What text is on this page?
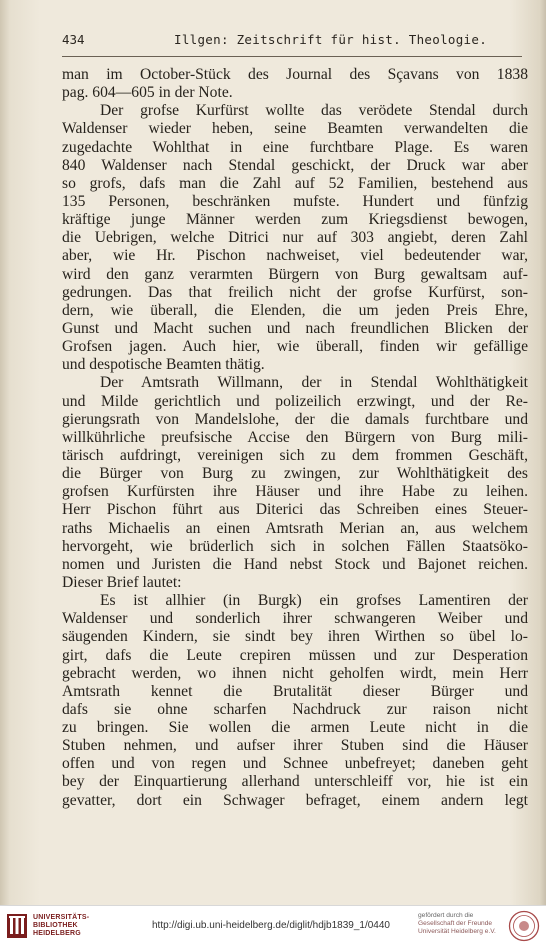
434	Illgen: Zeitschrift für hist. Theologie.
man im October-Stück des Journal des Sçavans von 1838
pag. 604—605 in der Note.
Der grofse Kurfürst wollte das verödete Stendal durch
Waldenser wieder heben, seine Beamten verwandelten die
zugedachte Wohlthat in eine furchtbare Plage. Es waren
840 Waldenser nach Stendal geschickt, der Druck war aber
so grofs, dafs man die Zahl auf 52 Familien, bestehend aus
135 Personen, beschränken mufste. Hundert und fünfzig
kräftige junge Männer werden zum Kriegsdienst bewogen,
die Uebrigen, welche Ditrici nur auf 303 angiebt, deren Zahl
aber, wie Hr. Pischon nachweiset, viel bedeutender war,
wird den ganz verarmten Bürgern von Burg gewaltsam auf-
gedrungen. Das that freilich nicht der grofse Kurfürst, son-
dern, wie überall, die Elenden, die um jeden Preis Ehre,
Gunst und Macht suchen und nach freundlichen Blicken der
Grofsen jagen. Auch hier, wie überall, finden wir gefällige
und despotische Beamten thätig.
Der Amtsrath Willmann, der in Stendal Wohlthätigkeit
und Milde gerichtlich und polizeilich erzwingt, und der Re-
gierungsrath von Mandelslohe, der die damals furchtbare und
willkührliche preufsische Accise den Bürgern von Burg mili-
tärisch aufdringt, vereinigen sich zu dem frommen Geschäft,
die Bürger von Burg zu zwingen, zur Wohlthätigkeit des
grofsen Kurfürsten ihre Häuser und ihre Habe zu leihen.
Herr Pischon führt aus Diterici das Schreiben eines Steuer-
raths Michaelis an einen Amtsrath Merian an, aus welchem
hervorgeht, wie brüderlich sich in solchen Fällen Staatsöko-
nomen und Juristen die Hand nebst Stock und Bajonet reichen.
Dieser Brief lautet:
Es ist allhier (in Burgk) ein grofses Lamentiren der
Waldenser und sonderlich ihrer schwangeren Weiber und
säugenden Kindern, sie sindt bey ihren Wirthen so übel lo-
girt, dafs die Leute crepiren müssen und zur Desperation
gebracht werden, wo ihnen nicht geholfen wirdt, mein Herr
Amtsrath kennet die Brutalität dieser Bürger und
dafs sie ohne scharfen Nachdruck zur raison nicht
zu bringen. Sie wollen die armen Leute nicht in die
Stuben nehmen, und aufser ihrer Stuben sind die Häuser
offen und von regen und Schnee unbefreyet; daneben geht
bey der Einquartierung allerhand unterschleiff vor, hie ist ein
gevatter, dort ein Schwager befraget, einem andern legt
UNIVERSITÄTS-
BIBLIOTHEK
HEIDELBERG
http://digi.ub.uni-heidelberg.de/diglit/hdjb1839_1/0440
gefördert durch die
Gesellschaft der Freunde
Universität Heidelberg e.V.
